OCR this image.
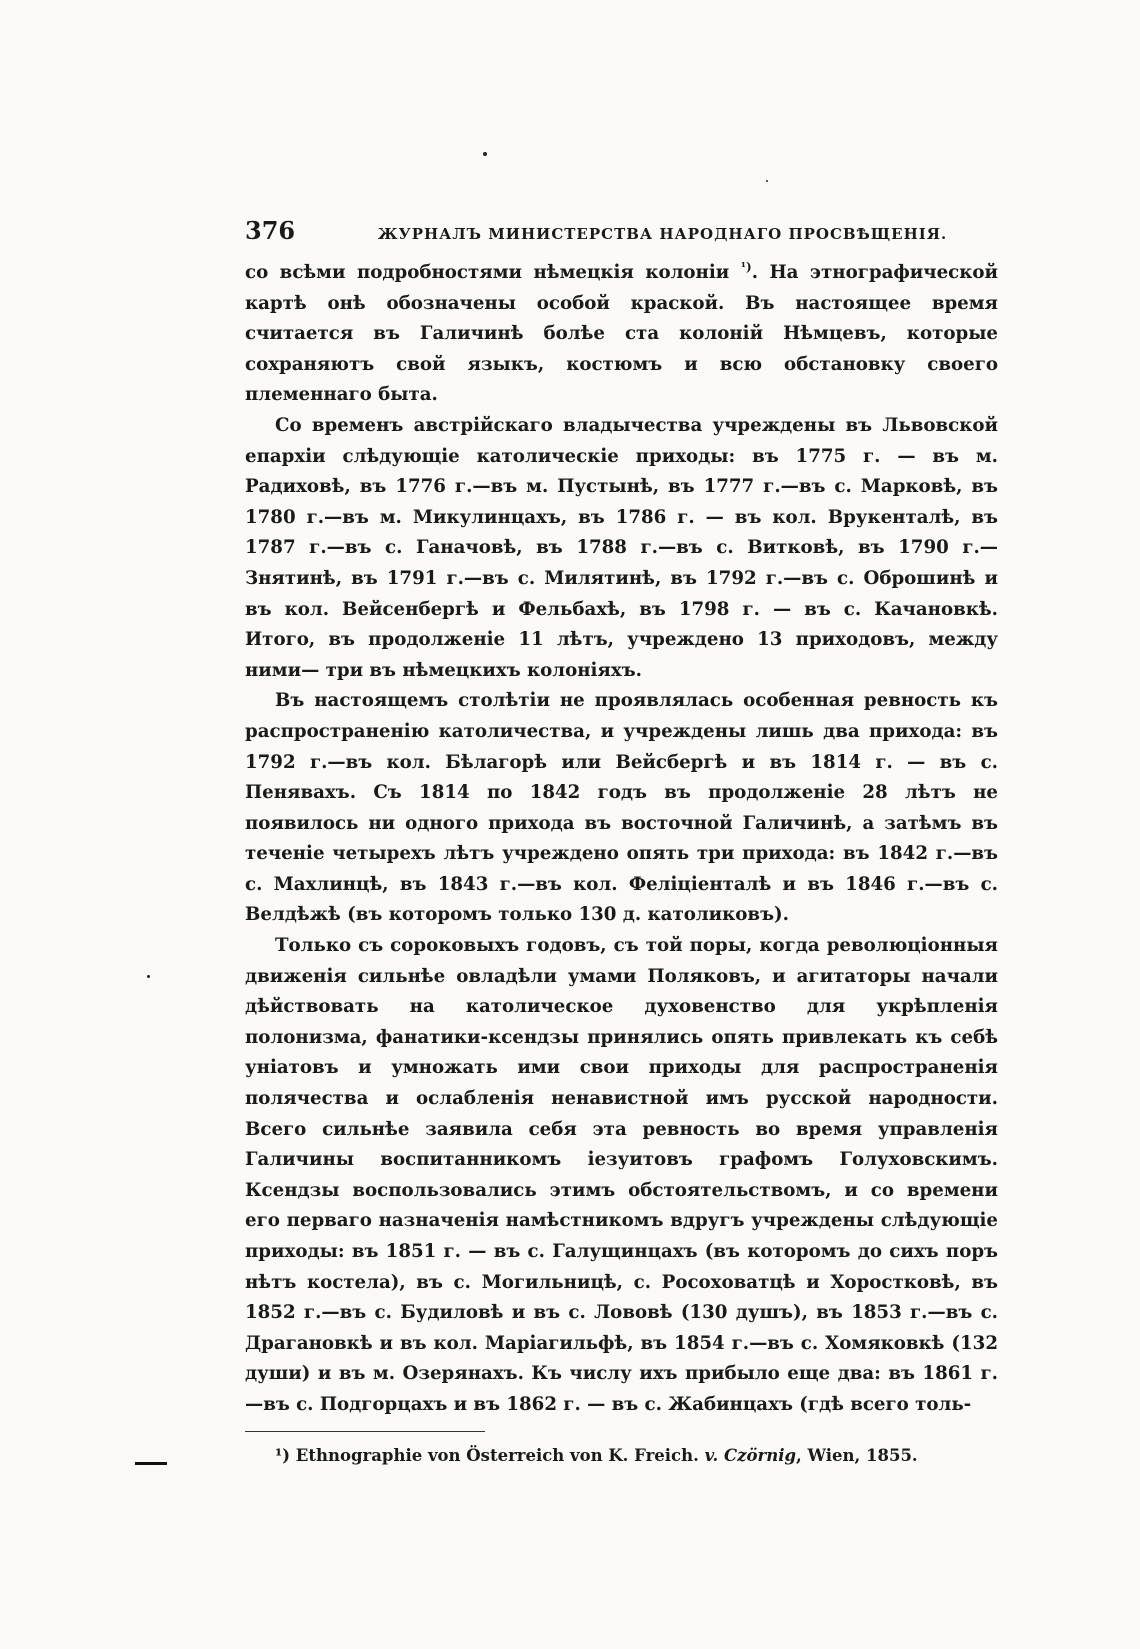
376	ЖУРНАЛЪ МИНИСТЕРСТВА НАРОДНАГО ПРОСВѢЩЕНІЯ.

со всѣми подробностями нѣмецкія колоніи $^{^1)}$. На этнографической картѣ онѣ обозначены особой краской. Въ настоящее время считается въ Галичинѣ болѣе ста колоній Нѣмцевъ, которые сохраняютъ свой языкъ, костюмъ и всю обстановку своего племеннаго быта.

Со временъ австрійскаго владычества учреждены въ Львовской епархіи слѣдующіе католическіе приходы: въ 1775 г. — въ м. Радиховѣ, въ 1776 г.—въ м. Пустынѣ, въ 1777 г.—въ с. Марковѣ, въ 1780 г.—въ м. Микулинцахъ, въ 1786 г. — въ кол. Врукенталѣ, въ 1787 г.—въ с. Ганачовѣ, въ 1788 г.—въ с. Витковѣ, въ 1790 г.— Знятинѣ, въ 1791 г.—въ с. Милятинѣ, въ 1792 г.—въ с. Оброшинѣ и въ кол. Вейсенбергѣ и Фельбахѣ, въ 1798 г. — въ с. Качановкѣ. Итого, въ продолженіе 11 лѣтъ, учреждено 13 приходовъ, между ними— три въ нѣмецкихъ колоніяхъ.

Въ настоящемъ столѣтіи не проявлялась особенная ревность къ распространенію католичества, и учреждены лишь два прихода: въ 1792 г.—въ кол. Бѣлагорѣ или Вейсбергѣ и въ 1814 г. — въ с. Пенявахъ. Съ 1814 по 1842 годъ въ продолженіе 28 лѣтъ не появилось ни одного прихода въ восточной Галичинѣ, а затѣмъ въ теченіе четырехъ лѣтъ учреждено опять три прихода: въ 1842 г.—въ с. Махлинцѣ, въ 1843 г.—въ кол. Феліціенталѣ и въ 1846 г.—въ с. Велдѣжѣ (въ которомъ только 130 д. католиковъ).

Только съ сороковыхъ годовъ, съ той поры, когда революціонныя движенія сильнѣе овладѣли умами Поляковъ, и агитаторы начали дѣйствовать на католическое духовенство для укрѣпленія полонизма, фанатики-ксендзы принялись опять привлекать къ себѣ уніатовъ и умножать ими свои приходы для распространенія полячества и ослабленія ненавистной имъ русской народности. Всего сильнѣе заявила себя эта ревность во время управленія Галичины воспитанникомъ іезуитовъ графомъ Голуховскимъ. Ксендзы воспользовались этимъ обстоятельствомъ, и со времени его перваго назначенія намѣстникомъ вдругъ учреждены слѣдующіе приходы: въ 1851 г. — въ с. Галущинцахъ (въ которомъ до сихъ поръ нѣтъ костела), въ с. Могильницѣ, с. Росоховатцѣ и Хоростковѣ, въ 1852 г.—въ с. Будиловѣ и въ с. Лововѣ (130 душъ), въ 1853 г.—въ с. Драгановкѣ и въ кол. Маріагильфѣ, въ 1854 г.—въ с. Хомяковкѣ (132 души) и въ м. Озерянахъ. Къ числу ихъ прибыло еще два: въ 1861 г.—въ с. Подгорцахъ и въ 1862 г. — въ с. Жабинцахъ (гдѣ всего толь-

¹) Ethnographie von Österreich von K. Freich. v. Czörnig, Wien, 1855.
